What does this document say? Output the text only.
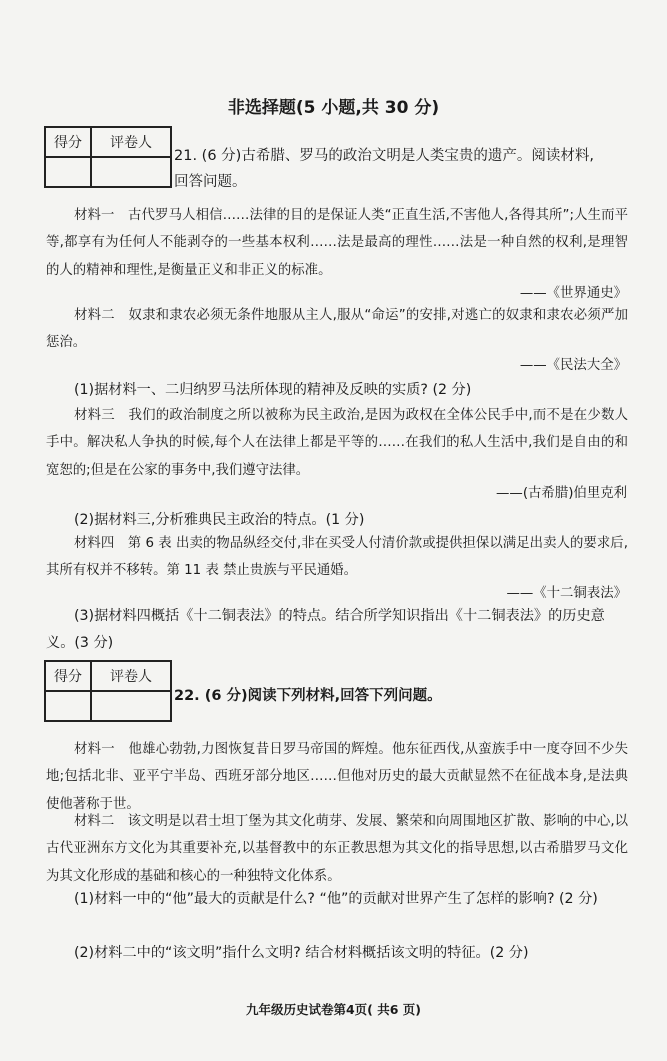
非选择题(5 小题,共 30 分)
得分	评卷人

21. (6 分)古希腊、罗马的政治文明是人类宝贵的遗产。阅读材料,
回答问题。
材料一　古代罗马人相信……法律的目的是保证人类“正直生活,不害他人,各得其所”;人生而平等,都享有为任何人不能剥夺的一些基本权利……法是最高的理性……法是一种自然的权利,是理智的人的精神和理性,是衡量正义和非正义的标准。
——《世界通史》
材料二　奴隶和隶农必须无条件地服从主人,服从“命运”的安排,对逃亡的奴隶和隶农必须严加惩治。
——《民法大全》
(1)据材料一、二归纳罗马法所体现的精神及反映的实质? (2 分)
材料三　我们的政治制度之所以被称为民主政治,是因为政权在全体公民手中,而不是在少数人手中。解决私人争执的时候,每个人在法律上都是平等的……在我们的私人生活中,我们是自由的和宽恕的;但是在公家的事务中,我们遵守法律。
——(古希腊)伯里克利
(2)据材料三,分析雅典民主政治的特点。(1 分)
材料四　第 6 表 出卖的物品纵经交付,非在买受人付清价款或提供担保以满足出卖人的要求后,其所有权并不移转。第 11 表 禁止贵族与平民通婚。
——《十二铜表法》
(3)据材料四概括《十二铜表法》的特点。结合所学知识指出《十二铜表法》的历史意义。(3 分)
得分	评卷人

22. (6 分)阅读下列材料,回答下列问题。
材料一　他雄心勃勃,力图恢复昔日罗马帝国的辉煌。他东征西伐,从蛮族手中一度夺回不少失地;包括北非、亚平宁半岛、西班牙部分地区……但他对历史的最大贡献显然不在征战本身,是法典使他著称于世。
材料二　该文明是以君士坦丁堡为其文化萌芽、发展、繁荣和向周围地区扩散、影响的中心,以古代亚洲东方文化为其重要补充,以基督教中的东正教思想为其文化的指导思想,以古希腊罗马文化为其文化形成的基础和核心的一种独特文化体系。
(1)材料一中的“他”最大的贡献是什么? “他”的贡献对世界产生了怎样的影响? (2 分)
(2)材料二中的“该文明”指什么文明? 结合材料概括该文明的特征。(2 分)
九年级历史试卷第4页( 共6 页)
